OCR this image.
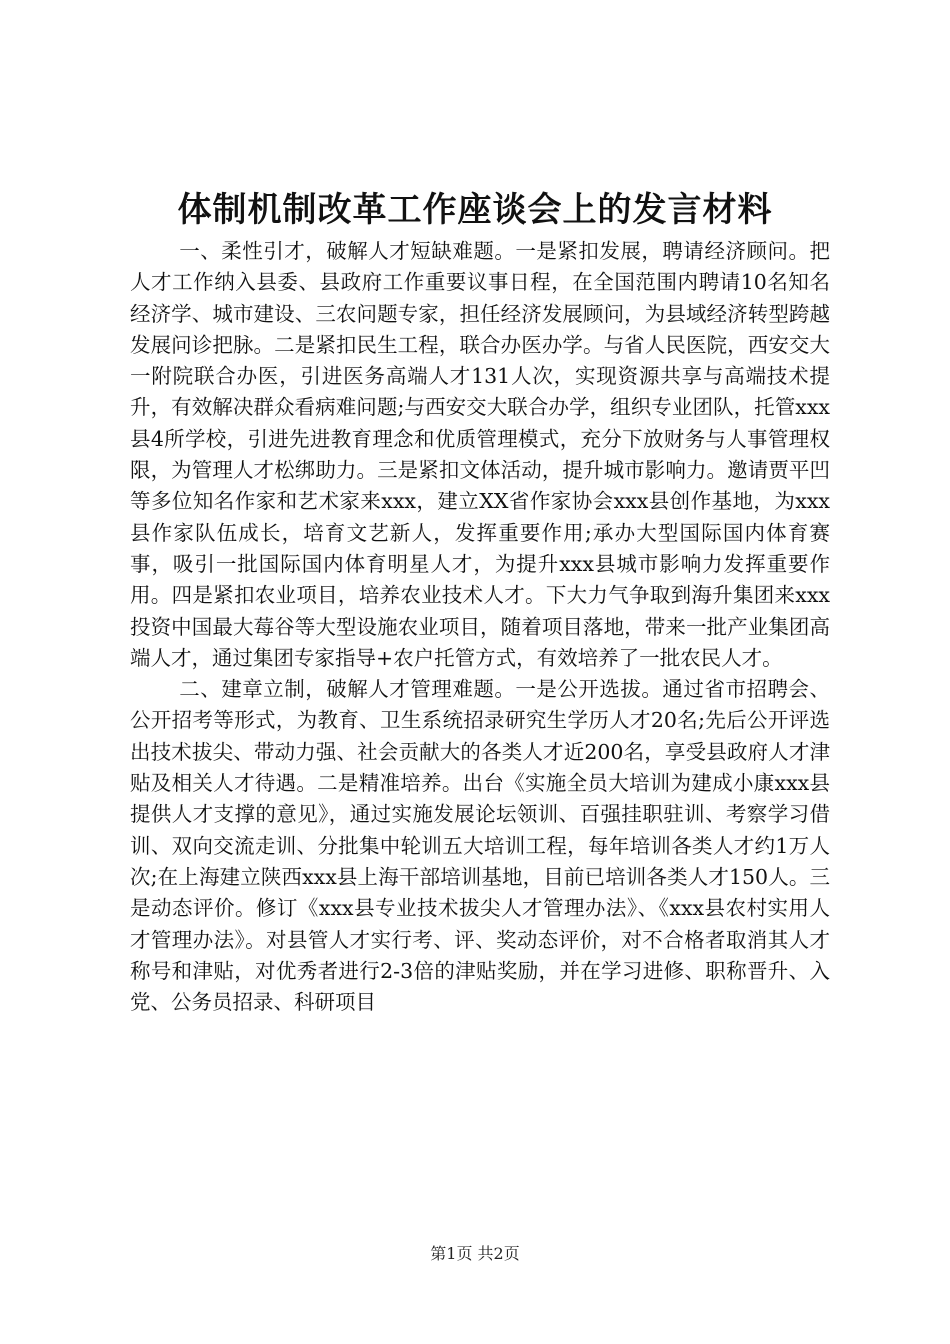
体制机制改革工作座谈会上的发言材料

一、柔性引才，破解人才短缺难题。一是紧扣发展，聘请经济顾问。把人才工作纳入县委、县政府工作重要议事日程，在全国范围内聘请10名知名经济学、城市建设、三农问题专家，担任经济发展顾问，为县域经济转型跨越发展问诊把脉。二是紧扣民生工程，联合办医办学。与省人民医院，西安交大一附院联合办医，引进医务高端人才131人次，实现资源共享与高端技术提升，有效解决群众看病难问题;与西安交大联合办学，组织专业团队，托管xxx县4所学校，引进先进教育理念和优质管理模式，充分下放财务与人事管理权限，为管理人才松绑助力。三是紧扣文体活动，提升城市影响力。邀请贾平凹等多位知名作家和艺术家来xxx，建立XX省作家协会xxx县创作基地，为xxx县作家队伍成长，培育文艺新人，发挥重要作用;承办大型国际国内体育赛事，吸引一批国际国内体育明星人才，为提升xxx县城市影响力发挥重要作用。四是紧扣农业项目，培养农业技术人才。下大力气争取到海升集团来xxx投资中国最大莓谷等大型设施农业项目，随着项目落地，带来一批产业集团高端人才，通过集团专家指导+农户托管方式，有效培养了一批农民人才。

二、建章立制，破解人才管理难题。一是公开选拔。通过省市招聘会、公开招考等形式，为教育、卫生系统招录研究生学历人才20名;先后公开评选出技术拔尖、带动力强、社会贡献大的各类人才近200名，享受县政府人才津贴及相关人才待遇。二是精准培养。出台《实施全员大培训为建成小康xxx县提供人才支撑的意见》，通过实施发展论坛领训、百强挂职驻训、考察学习借训、双向交流走训、分批集中轮训五大培训工程，每年培训各类人才约1万人次;在上海建立陕西xxx县上海干部培训基地，目前已培训各类人才150人。三是动态评价。修订《xxx县专业技术拔尖人才管理办法》、《xxx县农村实用人才管理办法》。对县管人才实行考、评、奖动态评价，对不合格者取消其人才称号和津贴，对优秀者进行2-3倍的津贴奖励，并在学习进修、职称晋升、入党、公务员招录、科研项目

第1页 共2页
